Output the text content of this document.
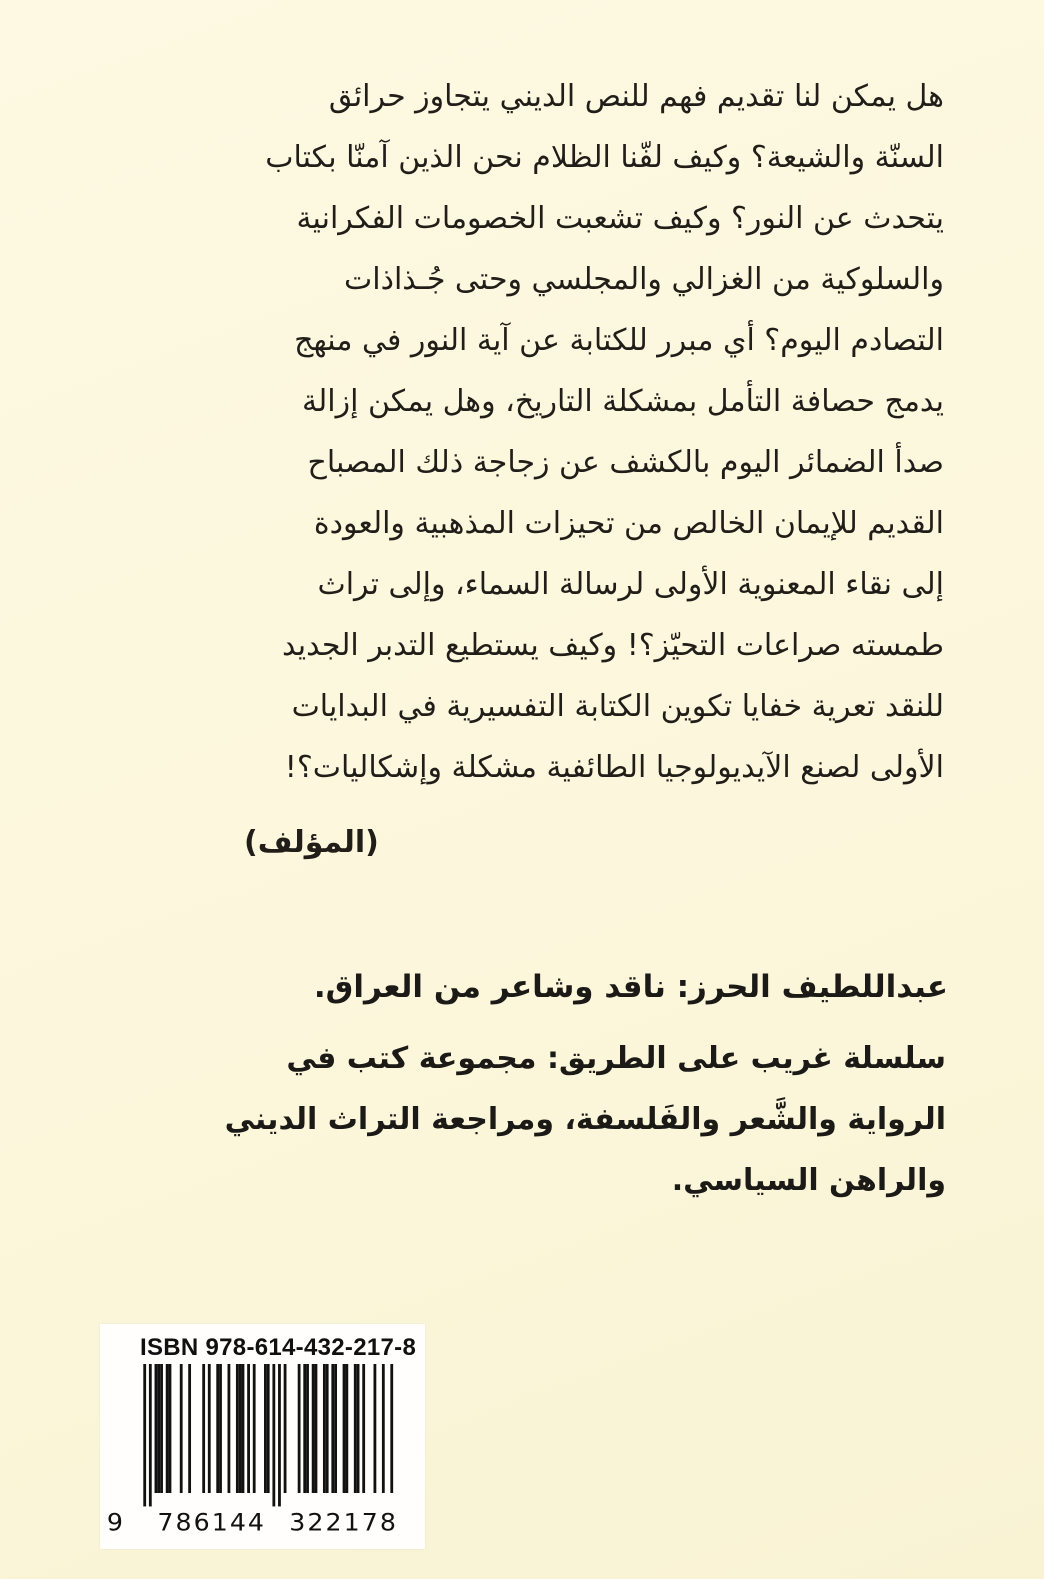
هل يمكن لنا تقديم فهم للنص الديني يتجاوز حرائق
السنّة والشيعة؟ وكيف لفّنا الظلام نحن الذين آمنّا بكتاب
يتحدث عن النور؟ وكيف تشعبت الخصومات الفكرانية
والسلوكية من الغزالي والمجلسي وحتى جُـذاذات
التصادم اليوم؟ أي مبرر للكتابة عن آية النور في منهج
يدمج حصافة التأمل بمشكلة التاريخ، وهل يمكن إزالة
صدأ الضمائر اليوم بالكشف عن زجاجة ذلك المصباح
القديم للإيمان الخالص من تحيزات المذهبية والعودة
إلى نقاء المعنوية الأولى لرسالة السماء، وإلى تراث
طمسته صراعات التحيّز؟! وكيف يستطيع التدبر الجديد
للنقد تعرية خفايا تكوين الكتابة التفسيرية في البدايات
الأولى لصنع الآيديولوجيا الطائفية مشكلة وإشكاليات؟!
(المؤلف)
عبداللطيف الحرز: ناقد وشاعر من العراق.
سلسلة غريب على الطريق: مجموعة كتب في
الرواية والشَّعر والفَلسفة، ومراجعة التراث الديني
والراهن السياسي.
ISBN 978-614-432-217-8
9	786144	322178
